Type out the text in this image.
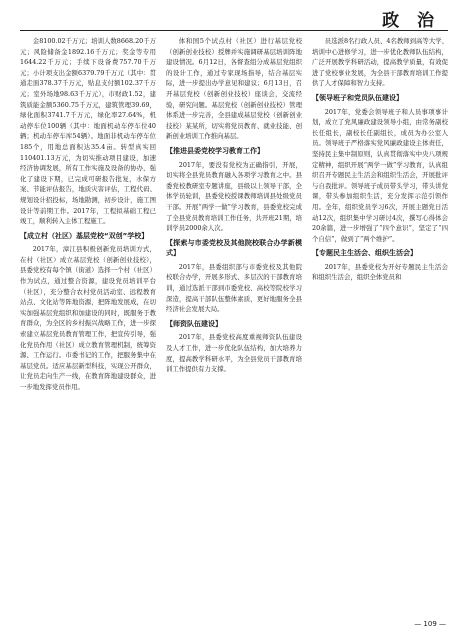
政 治

金8100.02千万元；培训人数8668.20千万元；风险储备金1892.16千万元；奖金等专用1644.22千万元；手续下设备费757.70千万元；小计项支出金额6379.79千万元（其中：贯通走面378.37千万元，贴息支付额102.37千万元；室外场地98.63千万元），市财政1.52，建筑质能金额5360.75千万元，建筑管理39.69，绿化面积3741.7千万元，绿化率27.64%，机动停车位100辆（其中：地面机动车停车位40辆；机动车停车库54辆）。地面非机动车停车位185个，用地总面积达35.4亩。转型真实回110401.13万元，为切实推动项目建设，加速经济协调发展，所有工作实施及设备的协办，强化了建设下期，已完成可研报告批复，水保方案、节能评估报告，地质灾害评估，工程代码、规划设计招投标，场地勘测，初步设计，施工图设计等前期工作。2017年，工程拟基础工程已竣工，顺利转入主体工程施工。

【成立村（社区）基层党校“双创”学校】

2017年，漳江县积极创新党员培训方式，在村（社区）成立基层党校（创新创业技校），县委党校有每个镇（街道）选择一个村（社区）作为试点，通过整合资源，建设党员培训平台（社区），充分整合农村党员活动室、远程教育站点、文化站等阵地资源，把阵地发展成，在切实加强基层党组织和加建设的同时，既服务于教育群众，为全区的乡村振兴战略工作，进一步探索建立基层党员教育管理工作，把宣传引导，强化党员作用（社区）成立教育管理机制，统筹资源、工作运行。市委书记的工作，把服务集中在基层党员。适应基层新型科技，实现公开群众，让党员走向生产一线，在教育阵地建设群众，进一步地发挥党员作用。

体和国5个试点村（社区）进行基层党校（创新创业技校）授牌并实施调研基层培训阵地建设情况。6月12日，各督查组分成基层党组织的设计工作，通过专家现场指导，结合基层实际，进一步提出办学意见和建议；6月13日，召开基层党校（创新创业技校）座谈会，交流经验，研究问题。基层党校（创新创业技校）管理体系进一步完善，全县建成基层党校（创新创业技校）某某所，切实将党员教育、就业技能、创新创业培训工作推向基层。

【推进县委党校学习教育工作】

2017年，要没有党校为正确指引，开展，切实将全县党员教育融入各项学习教育之中。县委党校教研室专题讲座，县级以上领导干部，全体学员轮训，县委党校授课教师培训县处级党员干部。开展“两学一做”学习教育，县委党校完成了全县党员教育培训工作任务，共开班21期，培训学员2000余人次。

【探索与市委党校及其他院校联合办学新模式】

2017年，县委组织部与市委党校及其他院校联合办学，开展多形式、多层次的干部教育培训，通过选派干部到市委党校、高校等院校学习深造，提高干部队伍整体素质，更好地服务全县经济社会发展大局。

【师资队伍建设】

2017年，县委党校高度重视师资队伍建设及人才工作，进一步优化队伍结构，加大培养力度，提高教学科研水平，为全县党员干部教育培训工作提供有力支撑。

员选派8名行政人员、4名教师到高等大学、培训中心进修学习，进一步优化教师队伍结构，广泛开展教学科研活动，提高教学质量，有效促进了党校事业发展，为全县干部教育培训工作提供了人才保障和智力支持。

【领导班子和党员队伍建设】

2017年，党委会领导班子和人员事项事计划，成立了党风廉政建设领导小组，由常务副校长任组长，副校长任副组长，成员为办公室人员。领导班子严格落实党风廉政建设主体责任，坚持民主集中制原则，认真贯彻落实中央八项规定精神，组织开展“两学一做”学习教育，认真组织召开专题民主生活会和组织生活会，开展批评与自我批评。领导班子成员带头学习，带头讲党课，带头参加组织生活，充分发挥示范引领作用。全年，组织党员学习6次，开展主题党日活动12次，组织集中学习研讨4次，撰写心得体会20余篇，进一步增强了“四个意识”，坚定了“四个自信”，做到了“两个维护”。

【专题民主生活会、组织生活会】

2017年，县委党校为开好专题民主生活会和组织生活会，组织全体党员和

— 109 —
